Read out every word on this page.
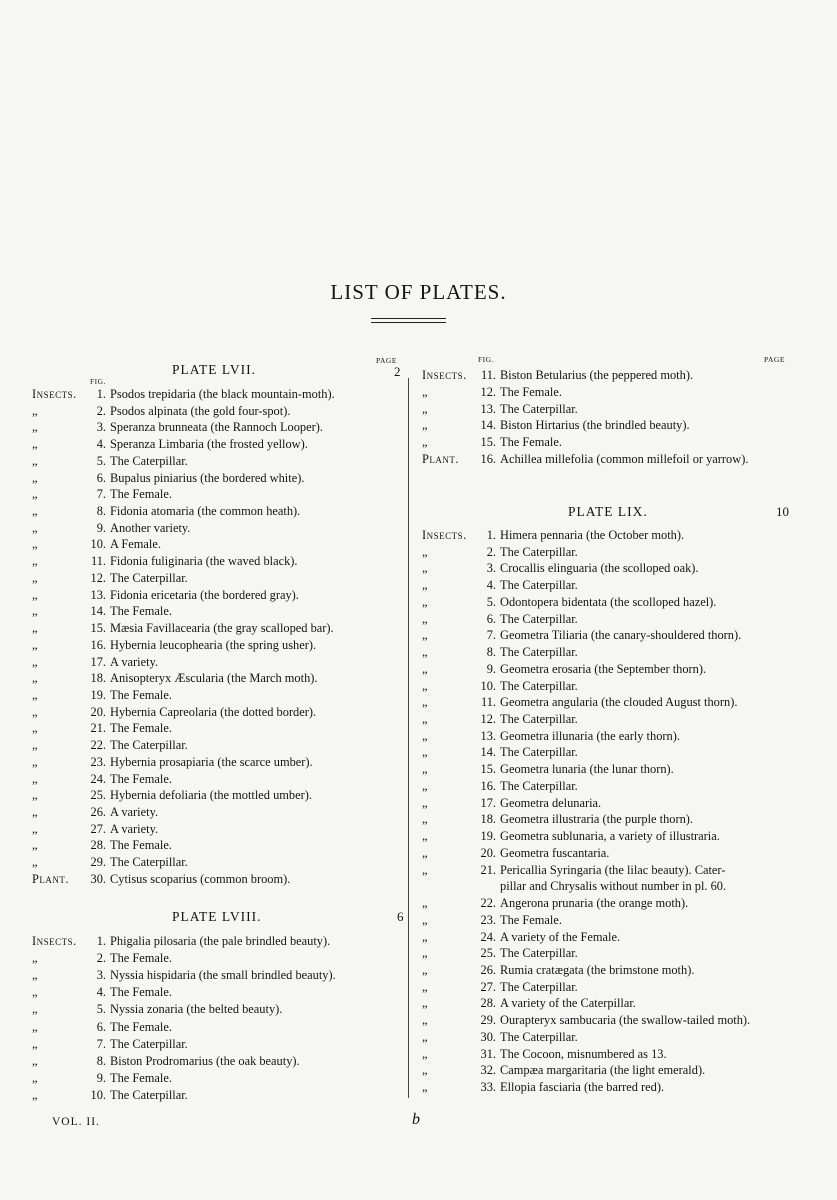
LIST OF PLATES.
PLATE LVII.
PAGE
2
FIG.
Insects.	1. Psodos trepidaria (the black mountain-moth).
„	2. Psodos alpinata (the gold four-spot).
„	3. Speranza brunneata (the Rannoch Looper).
„	4. Speranza Limbaria (the frosted yellow).
„	5. The Caterpillar.
„	6. Bupalus piniarius (the bordered white).
„	7. The Female.
„	8. Fidonia atomaria (the common heath).
„	9. Another variety.
„	10. A Female.
„	11. Fidonia fuliginaria (the waved black).
„	12. The Caterpillar.
„	13. Fidonia ericetaria (the bordered gray).
„	14. The Female.
„	15. Mæsia Favillacearia (the gray scalloped bar).
„	16. Hybernia leucophearia (the spring usher).
„	17. A variety.
„	18. Anisopteryx Æscularia (the March moth).
„	19. The Female.
„	20. Hybernia Capreolaria (the dotted border).
„	21. The Female.
„	22. The Caterpillar.
„	23. Hybernia prosapiaria (the scarce umber).
„	24. The Female.
„	25. Hybernia defoliaria (the mottled umber).
„	26. A variety.
„	27. A variety.
„	28. The Female.
„	29. The Caterpillar.
Plant.	30. Cytisus scoparius (common broom).
PLATE LVIII.	6
Insects.	1. Phigalia pilosaria (the pale brindled beauty).
„	2. The Female.
„	3. Nyssia hispidaria (the small brindled beauty).
„	4. The Female.
„	5. Nyssia zonaria (the belted beauty).
„	6. The Female.
„	7. The Caterpillar.
„	8. Biston Prodromarius (the oak beauty).
„	9. The Female.
„	10. The Caterpillar.
FIG.	PAGE
Insects.	11. Biston Betularius (the peppered moth).
„	12. The Female.
„	13. The Caterpillar.
„	14. Biston Hirtarius (the brindled beauty).
„	15. The Female.
Plant.	16. Achillea millefolia (common millefoil or yarrow).
PLATE LIX.	10
Insects.	1. Himera pennaria (the October moth).
„	2. The Caterpillar.
„	3. Crocallis elinguaria (the scolloped oak).
„	4. The Caterpillar.
„	5. Odontopera bidentata (the scolloped hazel).
„	6. The Caterpillar.
„	7. Geometra Tiliaria (the canary-shouldered thorn).
„	8. The Caterpillar.
„	9. Geometra erosaria (the September thorn).
„	10. The Caterpillar.
„	11. Geometra angularia (the clouded August thorn).
„	12. The Caterpillar.
„	13. Geometra illunaria (the early thorn).
„	14. The Caterpillar.
„	15. Geometra lunaria (the lunar thorn).
„	16. The Caterpillar.
„	17. Geometra delunaria.
„	18. Geometra illustraria (the purple thorn).
„	19. Geometra sublunaria, a variety of illustraria.
„	20. Geometra fuscantaria.
„	21. Pericallia Syringaria (the lilac beauty). Cater-
pillar and Chrysalis without number in pl. 60.
„	22. Angerona prunaria (the orange moth).
„	23. The Female.
„	24. A variety of the Female.
„	25. The Caterpillar.
„	26. Rumia cratægata (the brimstone moth).
„	27. The Caterpillar.
„	28. A variety of the Caterpillar.
„	29. Ourapteryx sambucaria (the swallow-tailed moth).
„	30. The Caterpillar.
„	31. The Cocoon, misnumbered as 13.
„	32. Campæa margaritaria (the light emerald).
„	33. Ellopia fasciaria (the barred red).
VOL. II.	b
